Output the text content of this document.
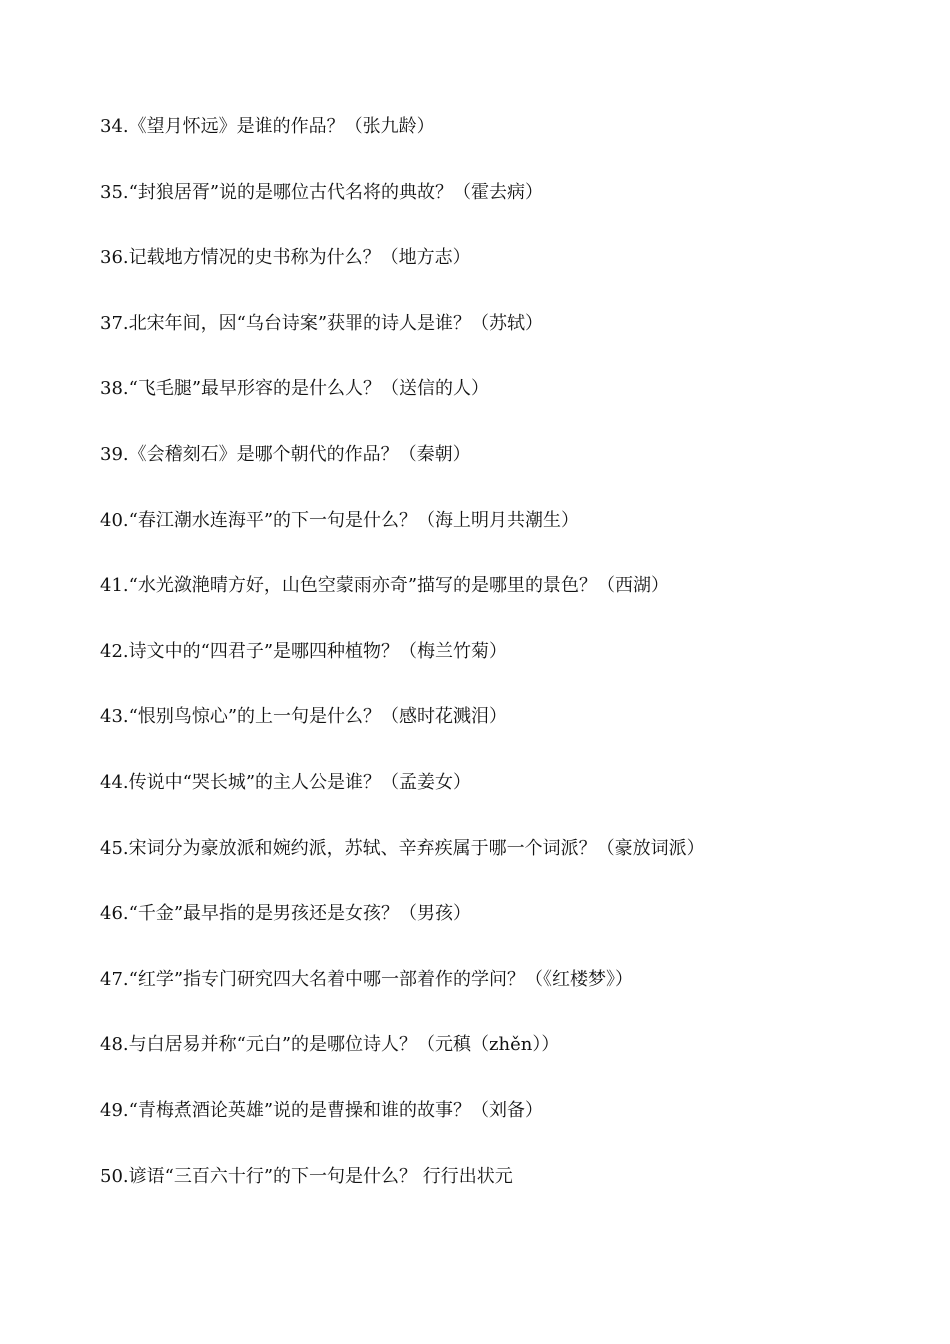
34.《望月怀远》是谁的作品？（张九龄）
35.“封狼居胥”说的是哪位古代名将的典故？（霍去病）
36.记载地方情况的史书称为什么？（地方志）
37.北宋年间，因“乌台诗案”获罪的诗人是谁？（苏轼）
38.“飞毛腿”最早形容的是什么人？（送信的人）
39.《会稽刻石》是哪个朝代的作品？（秦朝）
40.“春江潮水连海平”的下一句是什么？（海上明月共潮生）
41.“水光潋滟晴方好，山色空蒙雨亦奇”描写的是哪里的景色？（西湖）
42.诗文中的“四君子”是哪四种植物？（梅兰竹菊）
43.“恨别鸟惊心”的上一句是什么？（感时花溅泪）
44.传说中“哭长城”的主人公是谁？（孟姜女）
45.宋词分为豪放派和婉约派，苏轼、辛弃疾属于哪一个词派？（豪放词派）
46.“千金”最早指的是男孩还是女孩？（男孩）
47.“红学”指专门研究四大名着中哪一部着作的学问？（《红楼梦》）
48.与白居易并称“元白”的是哪位诗人？（元稹（zhěn））
49.“青梅煮酒论英雄”说的是曹操和谁的故事？（刘备）
50.谚语“三百六十行”的下一句是什么？ 行行出状元
